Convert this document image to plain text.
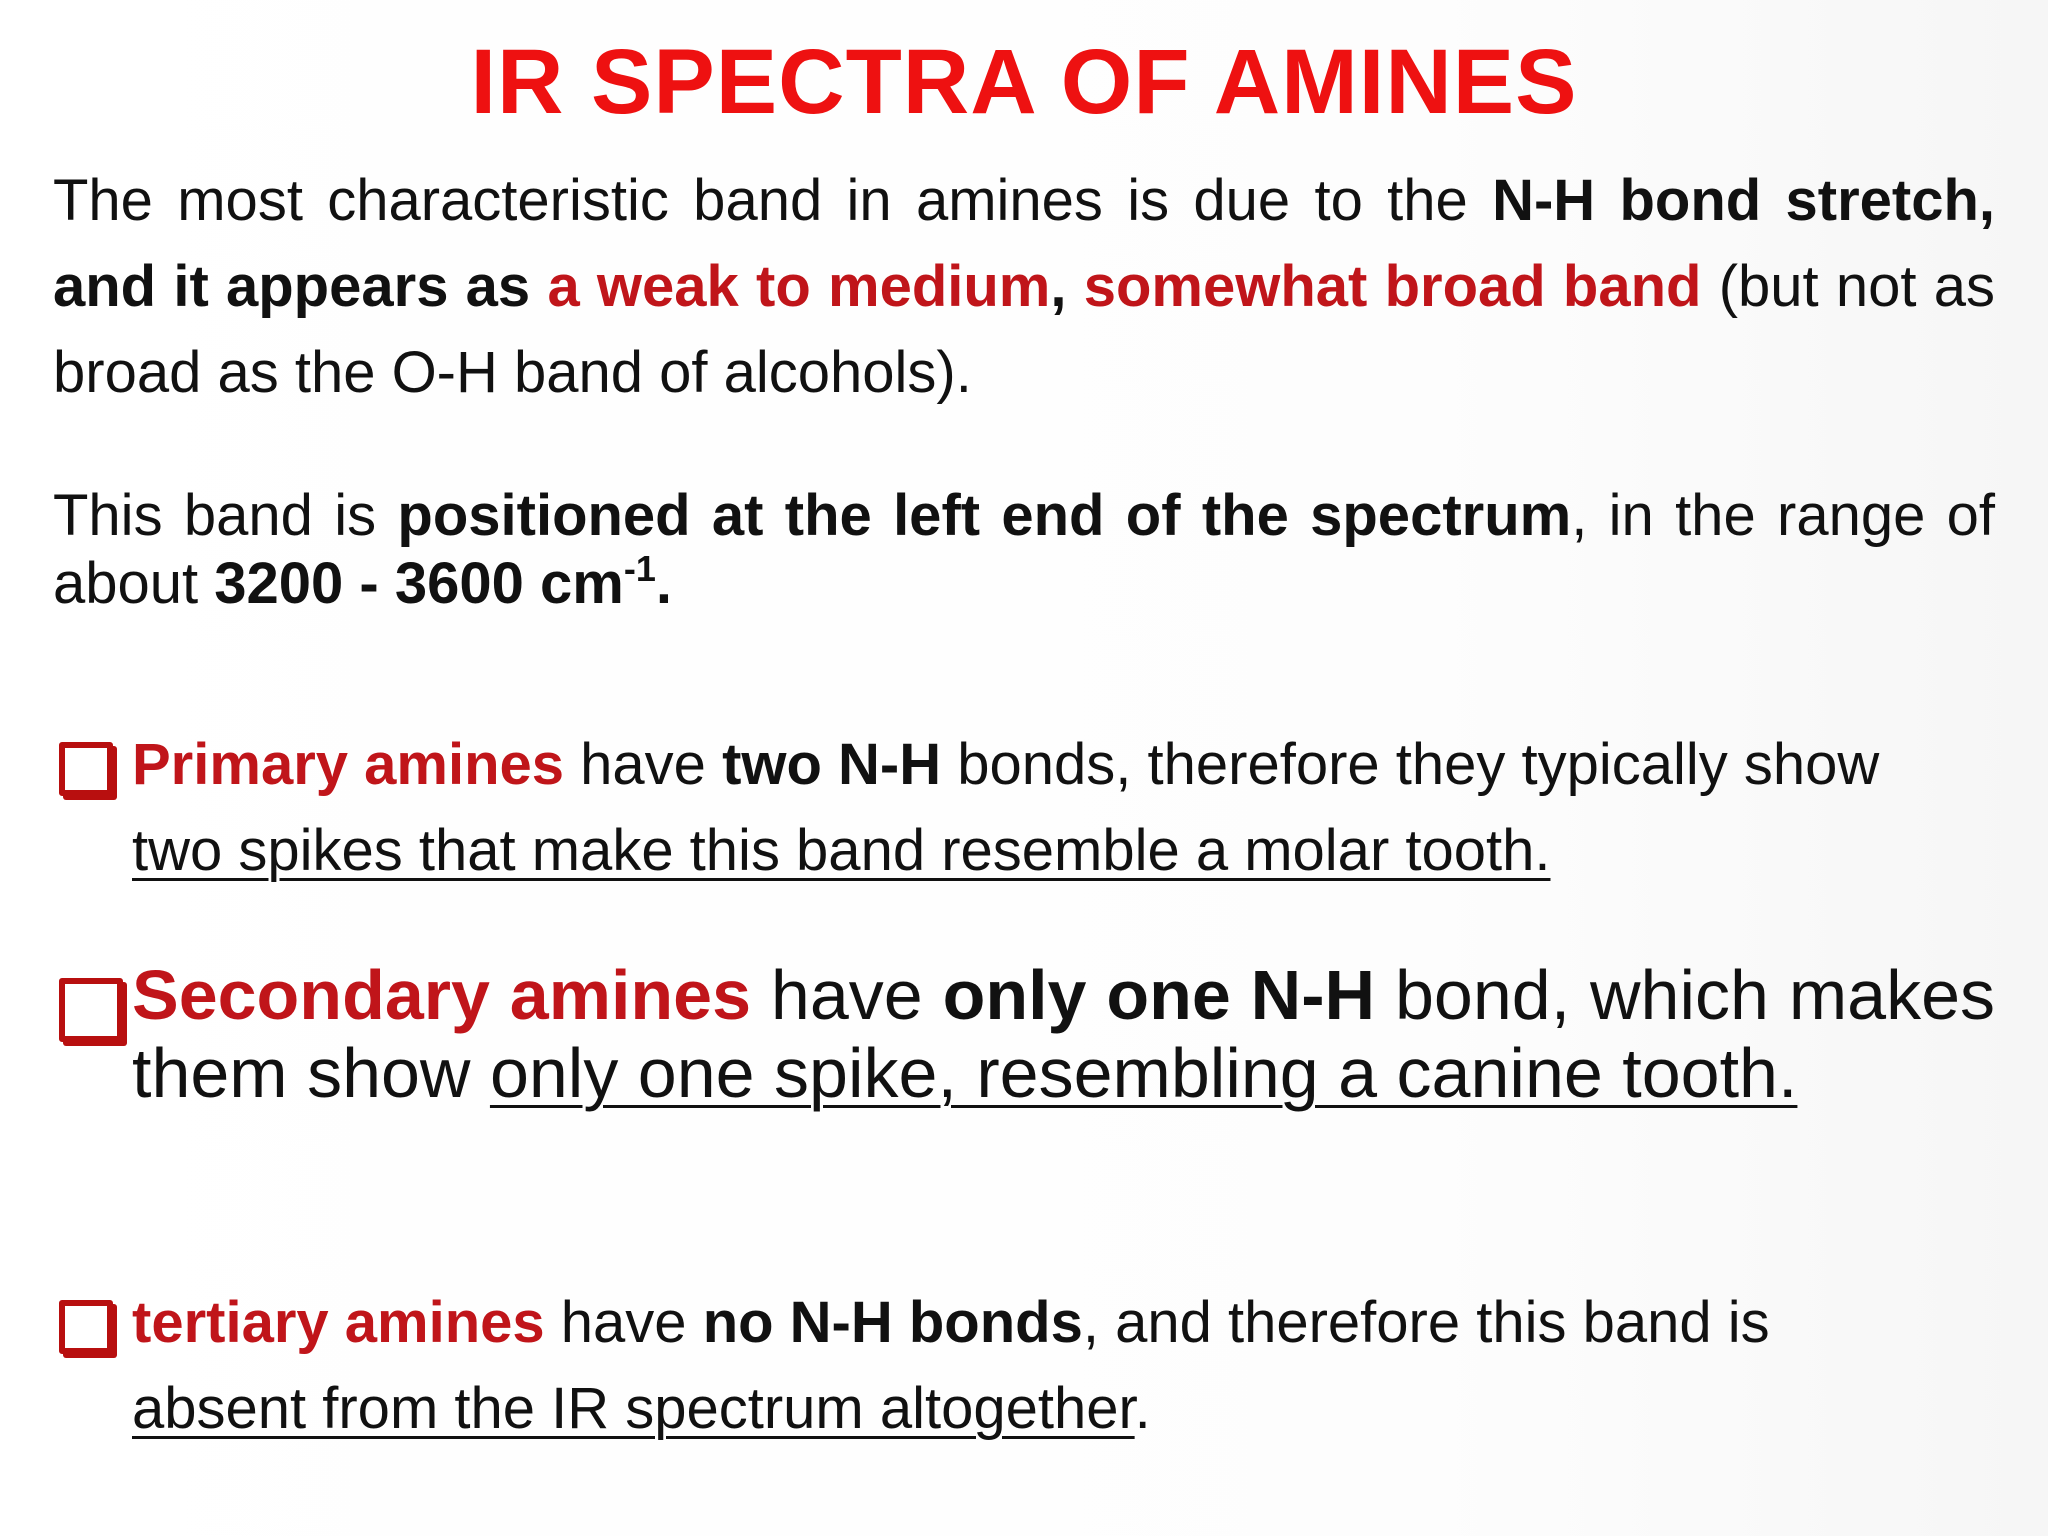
IR SPECTRA OF AMINES
The most characteristic band in amines is due to the N-H bond stretch, and it appears as a weak to medium, somewhat broad band (but not as broad as the O-H band of alcohols).
This band is positioned at the left end of the spectrum, in the range of about 3200 - 3600 $cm^{-1}$.
Primary amines have two N-H bonds, therefore they typically show two spikes that make this band resemble a molar tooth.
Secondary amines have only one N-H bond, which makes them show only one spike, resembling a canine tooth.
tertiary amines have no N-H bonds, and therefore this band is absent from the IR spectrum altogether.
